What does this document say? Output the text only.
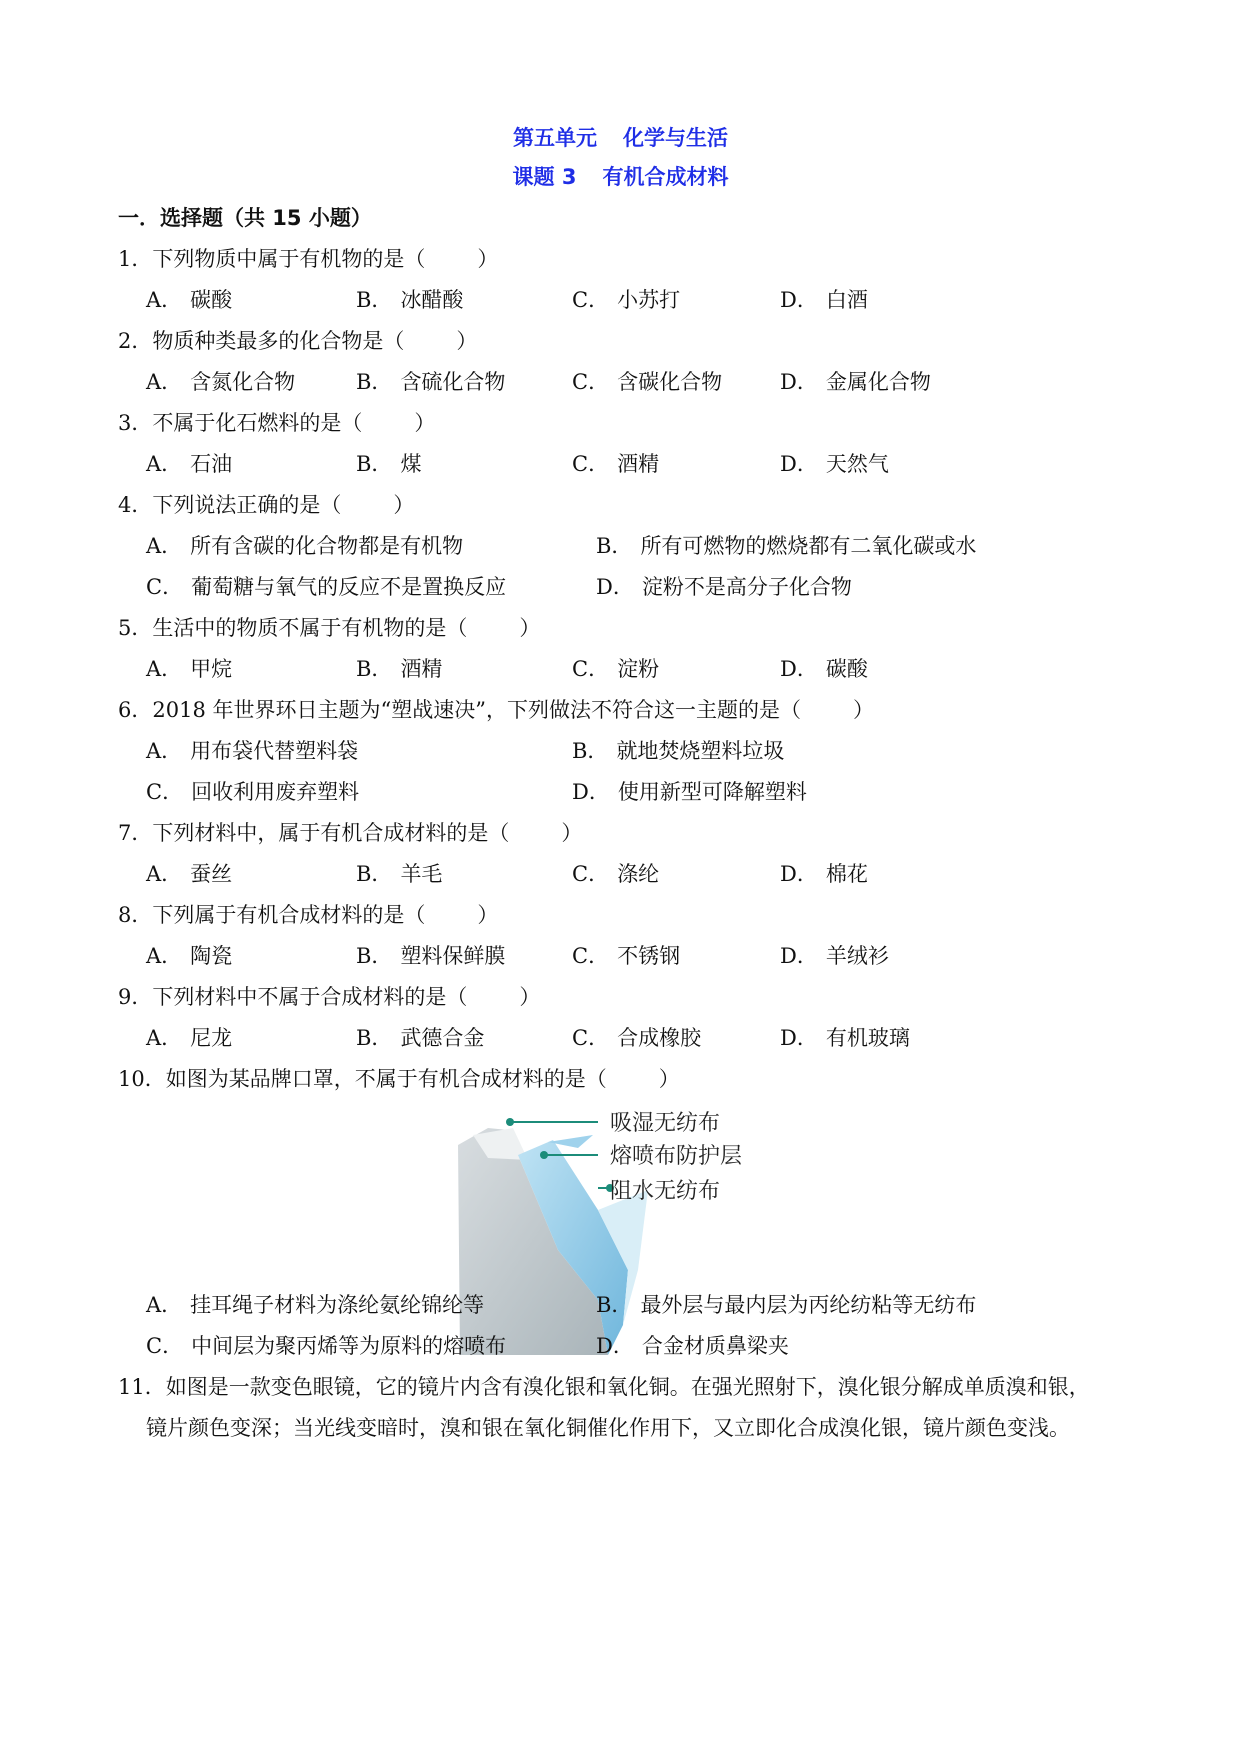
第五单元 化学与生活
课题 3 有机合成材料
一．选择题（共 15 小题）
1．下列物质中属于有机物的是（ ）
A． 碳酸	B． 冰醋酸	C． 小苏打	D． 白酒
2．物质种类最多的化合物是（ ）
A． 含氮化合物	B． 含硫化合物	C． 含碳化合物	D． 金属化合物
3．不属于化石燃料的是（ ）
A． 石油	B． 煤	C． 酒精	D． 天然气
4．下列说法正确的是（ ）
A． 所有含碳的化合物都是有机物	B． 所有可燃物的燃烧都有二氧化碳或水
C． 葡萄糖与氧气的反应不是置换反应	D． 淀粉不是高分子化合物
5．生活中的物质不属于有机物的是（ ）
A． 甲烷	B． 酒精	C． 淀粉	D． 碳酸
6．2018 年世界环日主题为“塑战速决”，下列做法不符合这一主题的是（ ）
A． 用布袋代替塑料袋	B． 就地焚烧塑料垃圾
C． 回收利用废弃塑料	D． 使用新型可降解塑料
7．下列材料中，属于有机合成材料的是（ ）
A． 蚕丝	B． 羊毛	C． 涤纶	D． 棉花
8．下列属于有机合成材料的是（ ）
A． 陶瓷	B． 塑料保鲜膜	C． 不锈钢	D． 羊绒衫
9．下列材料中不属于合成材料的是（ ）
A． 尼龙	B． 武德合金	C． 合成橡胶	D． 有机玻璃
10．如图为某品牌口罩，不属于有机合成材料的是（ ）
吸湿无纺布
熔喷布防护层
阻水无纺布
A． 挂耳绳子材料为涤纶氨纶锦纶等	B． 最外层与最内层为丙纶纺粘等无纺布
C． 中间层为聚丙烯等为原料的熔喷布	D． 合金材质鼻梁夹
11．如图是一款变色眼镜，它的镜片内含有溴化银和氧化铜。在强光照射下，溴化银分解成单质溴和银，
镜片颜色变深；当光线变暗时，溴和银在氧化铜催化作用下，又立即化合成溴化银，镜片颜色变浅。
